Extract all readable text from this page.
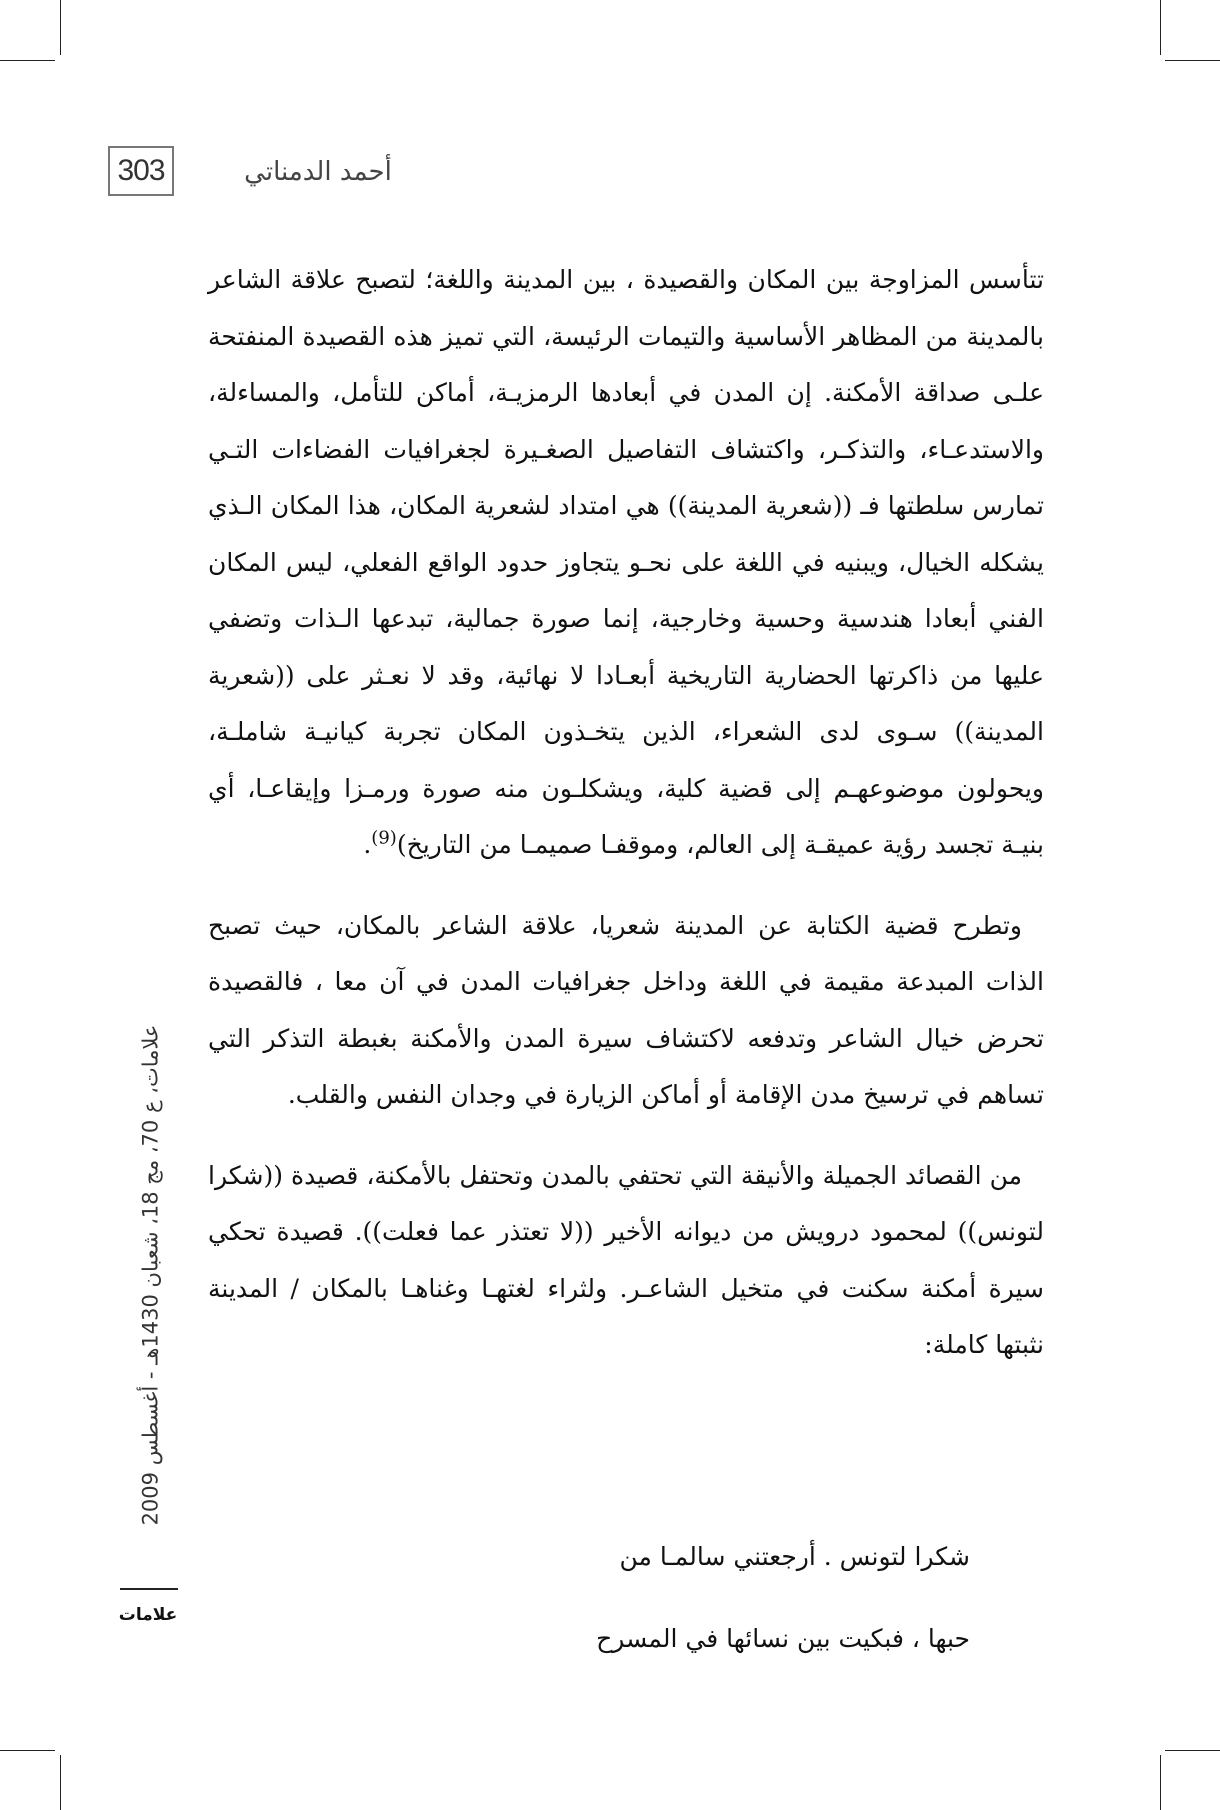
303	أحمد الدمناتي

تتأسس المزاوجة بين المكان والقصيدة ، بين المدينة واللغة؛ لتصبح علاقة الشاعر بالمدينة من المظاهر الأساسية والتيمات الرئيسة، التي تميز هذه القصيدة المنفتحة علـى صداقة الأمكنة. إن المدن في أبعادها الرمزيـة، أماكن للتأمل، والمساءلة، والاستدعـاء، والتذكـر، واكتشاف التفاصيل الصغـيرة لجغرافيات الفضاءات التـي تمارس سلطتها فـ ((شعرية المدينة)) هي امتداد لشعرية المكان، هذا المكان الـذي يشكله الخيال، ويبنيه في اللغة على نحـو يتجاوز حدود الواقع الفعلي، ليس المكان الفني أبعادا هندسية وحسية وخارجية، إنما صورة جمالية، تبدعها الـذات وتضفي عليها من ذاكرتها الحضارية التاريخية أبعـادا لا نهائية، وقد لا نعـثر على ((شعرية المدينة)) سـوى لدى الشعراء، الذين يتخـذون المكان تجربة كيانيـة شاملـة، ويحولون موضوعهـم إلى قضية كلية، ويشكلـون منه صورة ورمـزا وإيقاعـا، أي بنيـة تجسد رؤية عميقـة إلى العالم، وموقفـا صميمـا من التاريخ)$^{(9)}$.

وتطرح قضية الكتابة عن المدينة شعريا، علاقة الشاعر بالمكان، حيث تصبح الذات المبدعة مقيمة في اللغة وداخل جغرافيات المدن في آن معا ، فالقصيدة تحرض خيال الشاعر وتدفعه لاكتشاف سيرة المدن والأمكنة بغبطة التذكر التي تساهم في ترسيخ مدن الإقامة أو أماكن الزيارة في وجدان النفس والقلب.

من القصائد الجميلة والأنيقة التي تحتفي بالمدن وتحتفل بالأمكنة، قصيدة ((شكرا لتونس)) لمحمود درويش من ديوانه الأخير ((لا تعتذر عما فعلت)). قصيدة تحكي سيرة أمكنة سكنت في متخيل الشاعـر. ولثراء لغتهـا وغناهـا بالمكان / المدينة نثبتها كاملة:

شكرا لتونس . أرجعتني سالمـا من

حبها ، فبكيت بين نسائها في المسرح

علامات، ع 70، مج 18، شعبان 1430هـ - أغسطس 2009
علامات
